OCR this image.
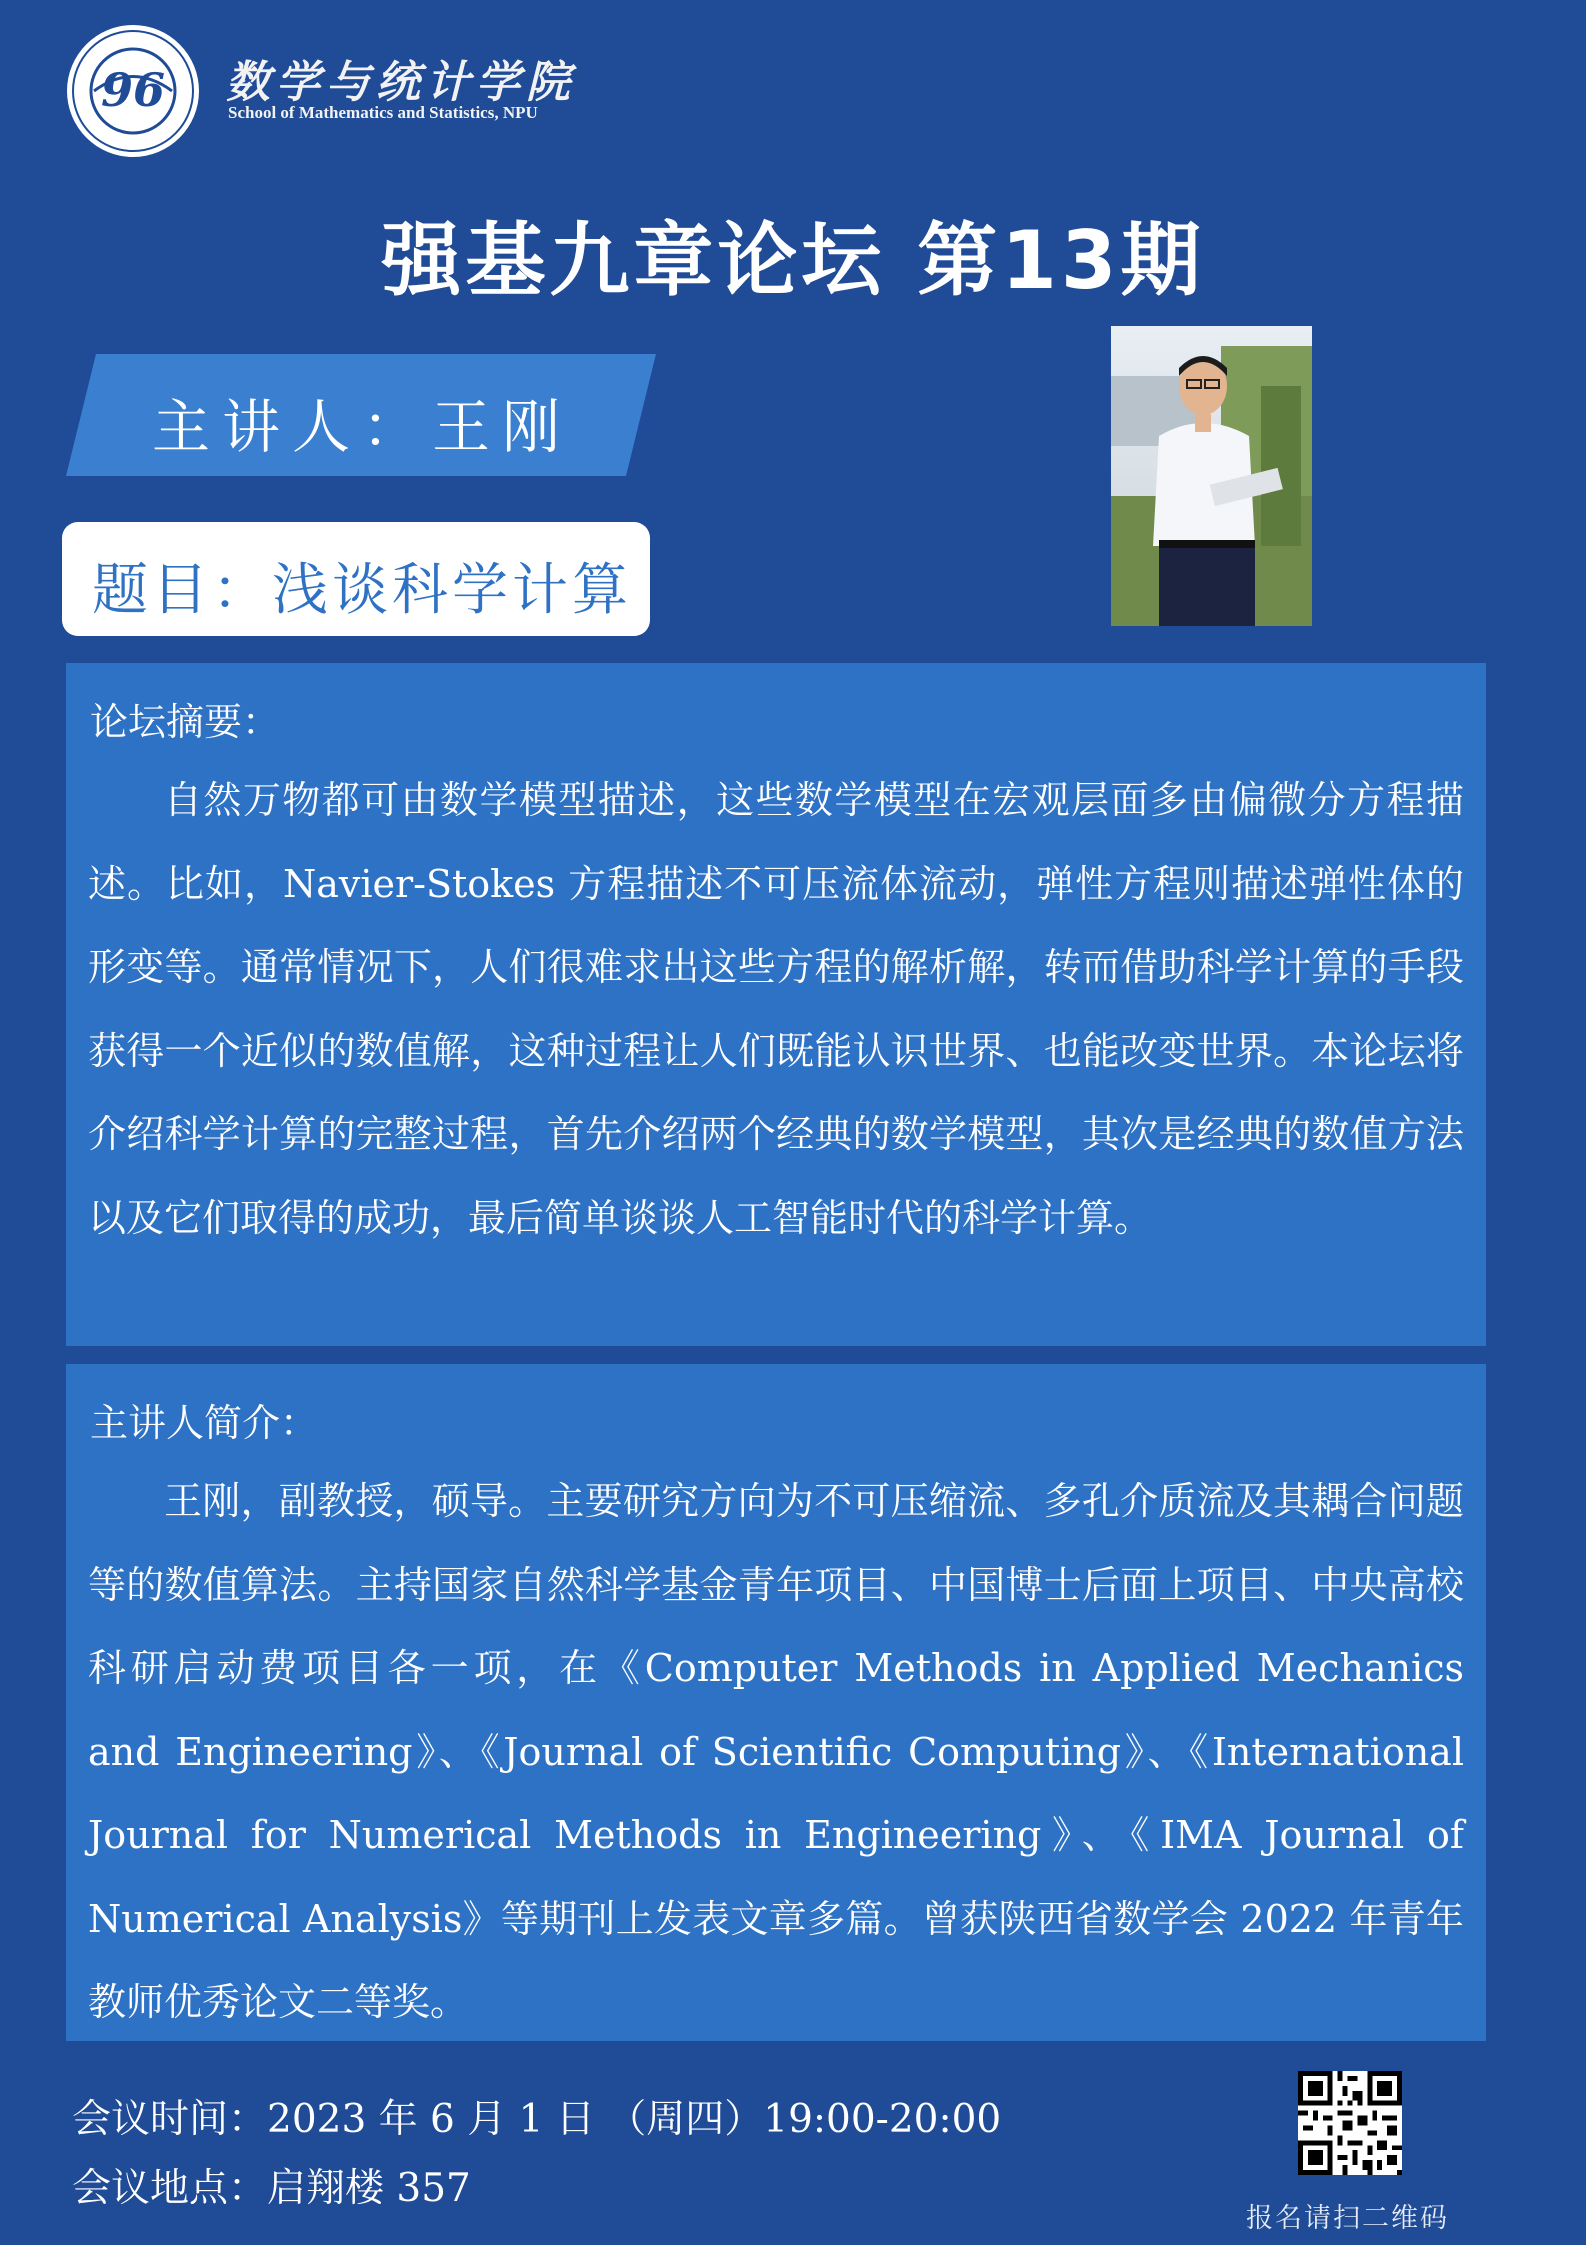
96 数学与统计学院
School of Mathematics and Statistics, NPU
强基九章论坛 第13期
主讲人：王刚
题目：浅谈科学计算
论坛摘要：
自然万物都可由数学模型描述，这些数学模型在宏观层面多由偏微分方程描述。比如，Navier-Stokes 方程描述不可压流体流动，弹性方程则描述弹性体的形变等。通常情况下，人们很难求出这些方程的解析解，转而借助科学计算的手段获得一个近似的数值解，这种过程让人们既能认识世界、也能改变世界。本论坛将介绍科学计算的完整过程，首先介绍两个经典的数学模型，其次是经典的数值方法以及它们取得的成功，最后简单谈谈人工智能时代的科学计算。
主讲人简介：
王刚，副教授，硕导。主要研究方向为不可压缩流、多孔介质流及其耦合问题等的数值算法。主持国家自然科学基金青年项目、中国博士后面上项目、中央高校科研启动费项目各一项，在《Computer Methods in Applied Mechanics and Engineering》、《Journal of Scientific Computing》、《International Journal for Numerical Methods in Engineering》、《IMA Journal of Numerical Analysis》等期刊上发表文章多篇。曾获陕西省数学会 2022 年青年教师优秀论文二等奖。
会议时间：2023 年 6 月 1 日 （周四）19:00-20:00
会议地点：启翔楼 357
报名请扫二维码
